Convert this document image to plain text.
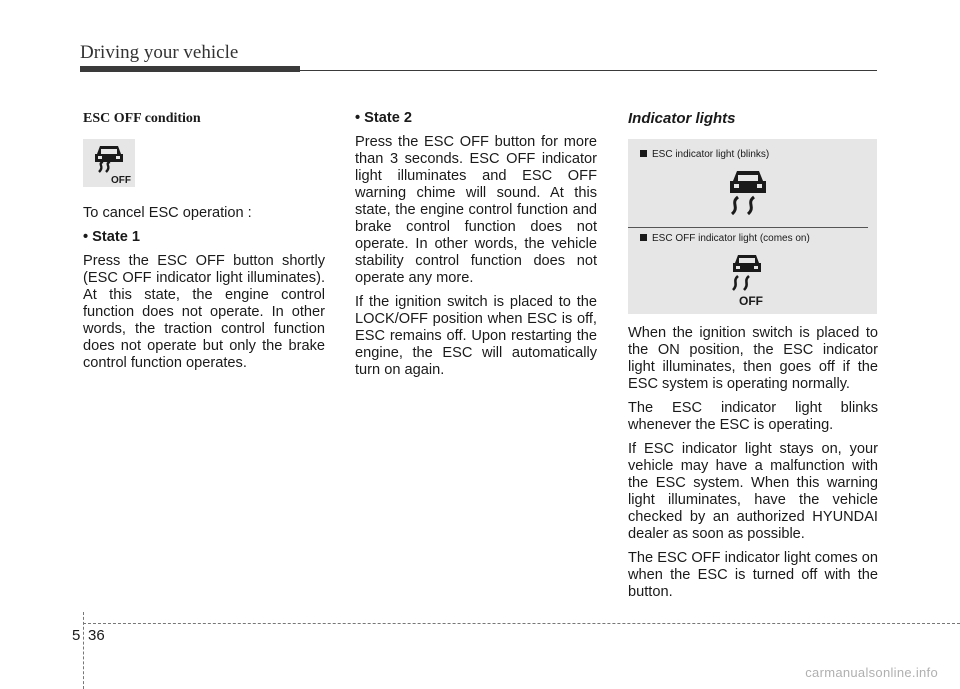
Driving your vehicle

ESC OFF condition

OFF

To cancel ESC operation :

• State 1

Press the ESC OFF button shortly (ESC OFF indicator light illuminates). At this state, the engine control function does not operate. In other words, the traction control function does not operate but only the brake control function operates.

• State 2

Press the ESC OFF button for more than 3 seconds. ESC OFF indicator light illuminates and ESC OFF warning chime will sound. At this state, the engine control function and brake control function does not operate. In other words, the vehicle stability control function does not operate any more.

If the ignition switch is placed to the LOCK/OFF position when ESC is off, ESC remains off. Upon restarting the engine, the ESC will automatically turn on again.

Indicator lights

ESC indicator light (blinks)
ESC OFF indicator light (comes on)
OFF

When the ignition switch is placed to the ON position, the ESC indicator light illuminates, then goes off if the ESC system is operating normally.

The ESC indicator light blinks whenever the ESC is operating.

If ESC indicator light stays on, your vehicle may have a malfunction with the ESC system. When this warning light illuminates, have the vehicle checked by an authorized HYUNDAI dealer as soon as possible.

The ESC OFF indicator light comes on when the ESC is turned off with the button.

5 36
carmanualsonline.info
